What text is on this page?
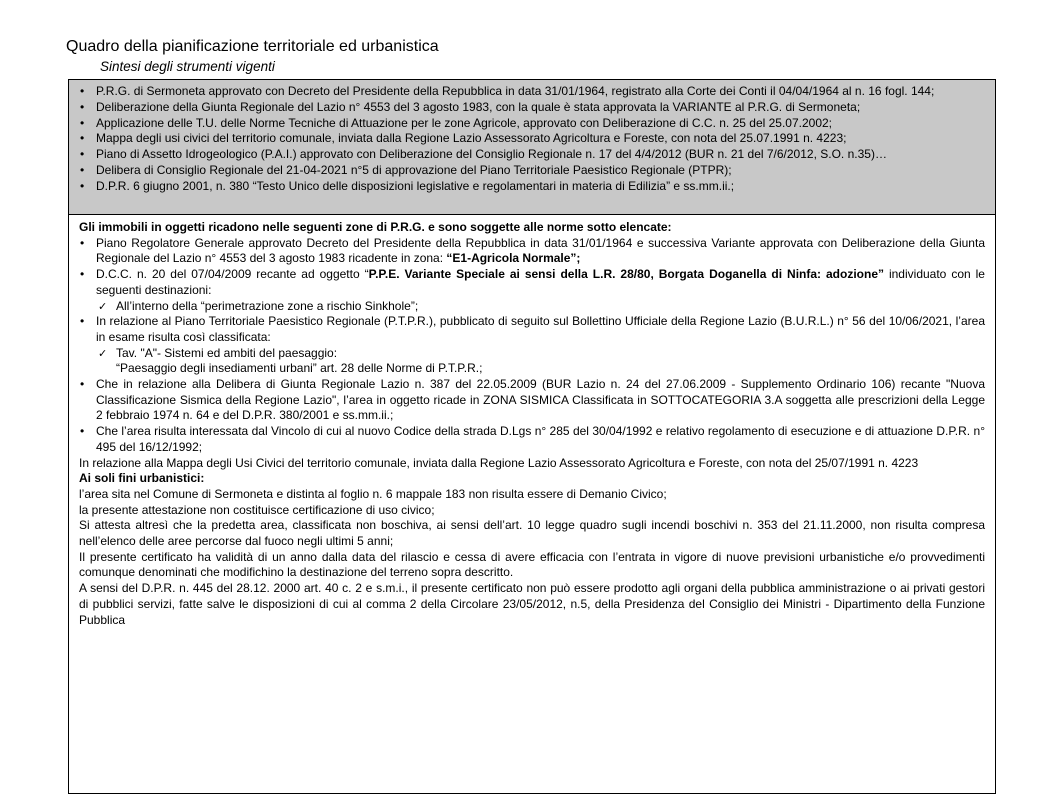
Quadro della pianificazione territoriale ed urbanistica
Sintesi degli strumenti vigenti
• P.R.G. di Sermoneta approvato con Decreto del Presidente della Repubblica in data 31/01/1964, registrato alla Corte dei Conti il 04/04/1964 al n. 16 fogl. 144;
• Deliberazione della Giunta Regionale del Lazio n° 4553 del 3 agosto 1983, con la quale è stata approvata la VARIANTE al P.R.G. di Sermoneta;
• Applicazione delle T.U. delle Norme Tecniche di Attuazione per le zone Agricole, approvato con Deliberazione di C.C. n. 25 del 25.07.2002;
• Mappa degli usi civici del territorio comunale, inviata dalla Regione Lazio Assessorato Agricoltura e Foreste, con nota del 25.07.1991 n. 4223;
• Piano di Assetto Idrogeologico (P.A.I.) approvato con Deliberazione del Consiglio Regionale n. 17 del 4/4/2012 (BUR n. 21 del 7/6/2012, S.O. n.35)…
• Delibera di Consiglio Regionale del 21-04-2021 n°5 di approvazione del Piano Territoriale Paesistico Regionale (PTPR);
• D.P.R. 6 giugno 2001, n. 380 “Testo Unico delle disposizioni legislative e regolamentari in materia di Edilizia” e ss.mm.ii.;

Gli immobili in oggetti ricadono nelle seguenti zone di P.R.G. e sono soggette alle norme sotto elencate:

• Piano Regolatore Generale approvato Decreto del Presidente della Repubblica in data 31/01/1964 e successiva Variante approvata con Deliberazione della Giunta Regionale del Lazio n° 4553 del 3 agosto 1983 ricadente in zona: “E1-Agricola Normale”;
• D.C.C. n. 20 del 07/04/2009 recante ad oggetto “P.P.E. Variante Speciale ai sensi della L.R. 28/80, Borgata Doganella di Ninfa: adozione” individuato con le seguenti destinazioni:
✓ All’interno della “perimetrazione zone a rischio Sinkhole”;
• In relazione al Piano Territoriale Paesistico Regionale (P.T.P.R.), pubblicato di seguito sul Bollettino Ufficiale della Regione Lazio (B.U.R.L.) n° 56 del 10/06/2021, l’area in esame risulta così classificata:
✓ Tav. "A"- Sistemi ed ambiti del paesaggio:
“Paesaggio degli insediamenti urbani” art. 28 delle Norme di P.T.P.R.;
• Che in relazione alla Delibera di Giunta Regionale Lazio n. 387 del 22.05.2009 (BUR Lazio n. 24 del 27.06.2009 - Supplemento Ordinario 106) recante "Nuova Classificazione Sismica della Regione Lazio", l’area in oggetto ricade in ZONA SISMICA Classificata in SOTTOCATEGORIA 3.A soggetta alle prescrizioni della Legge 2 febbraio 1974 n. 64 e del D.P.R. 380/2001 e ss.mm.ii.;
• Che l’area risulta interessata dal Vincolo di cui al nuovo Codice della strada D.Lgs n° 285 del 30/04/1992 e relativo regolamento di esecuzione e di attuazione D.P.R. n° 495 del 16/12/1992;

In relazione alla Mappa degli Usi Civici del territorio comunale, inviata dalla Regione Lazio Assessorato Agricoltura e Foreste, con nota del 25/07/1991 n. 4223

Ai soli fini urbanistici:

l’area sita nel Comune di Sermoneta e distinta al foglio n. 6 mappale 183 non risulta essere di Demanio Civico;

la presente attestazione non costituisce certificazione di uso civico;

Si attesta altresì che la predetta area, classificata non boschiva, ai sensi dell’art. 10 legge quadro sugli incendi boschivi n. 353 del 21.11.2000, non risulta compresa nell’elenco delle aree percorse dal fuoco negli ultimi 5 anni;

Il presente certificato ha validità di un anno dalla data del rilascio e cessa di avere efficacia con l’entrata in vigore di nuove previsioni urbanistiche e/o provvedimenti comunque denominati che modifichino la destinazione del terreno sopra descritto.

A sensi del D.P.R. n. 445 del 28.12. 2000 art. 40 c. 2 e s.m.i., il presente certificato non può essere prodotto agli organi della pubblica amministrazione o ai privati gestori di pubblici servizi, fatte salve le disposizioni di cui al comma 2 della Circolare 23/05/2012, n.5, della Presidenza del Consiglio dei Ministri - Dipartimento della Funzione Pubblica
